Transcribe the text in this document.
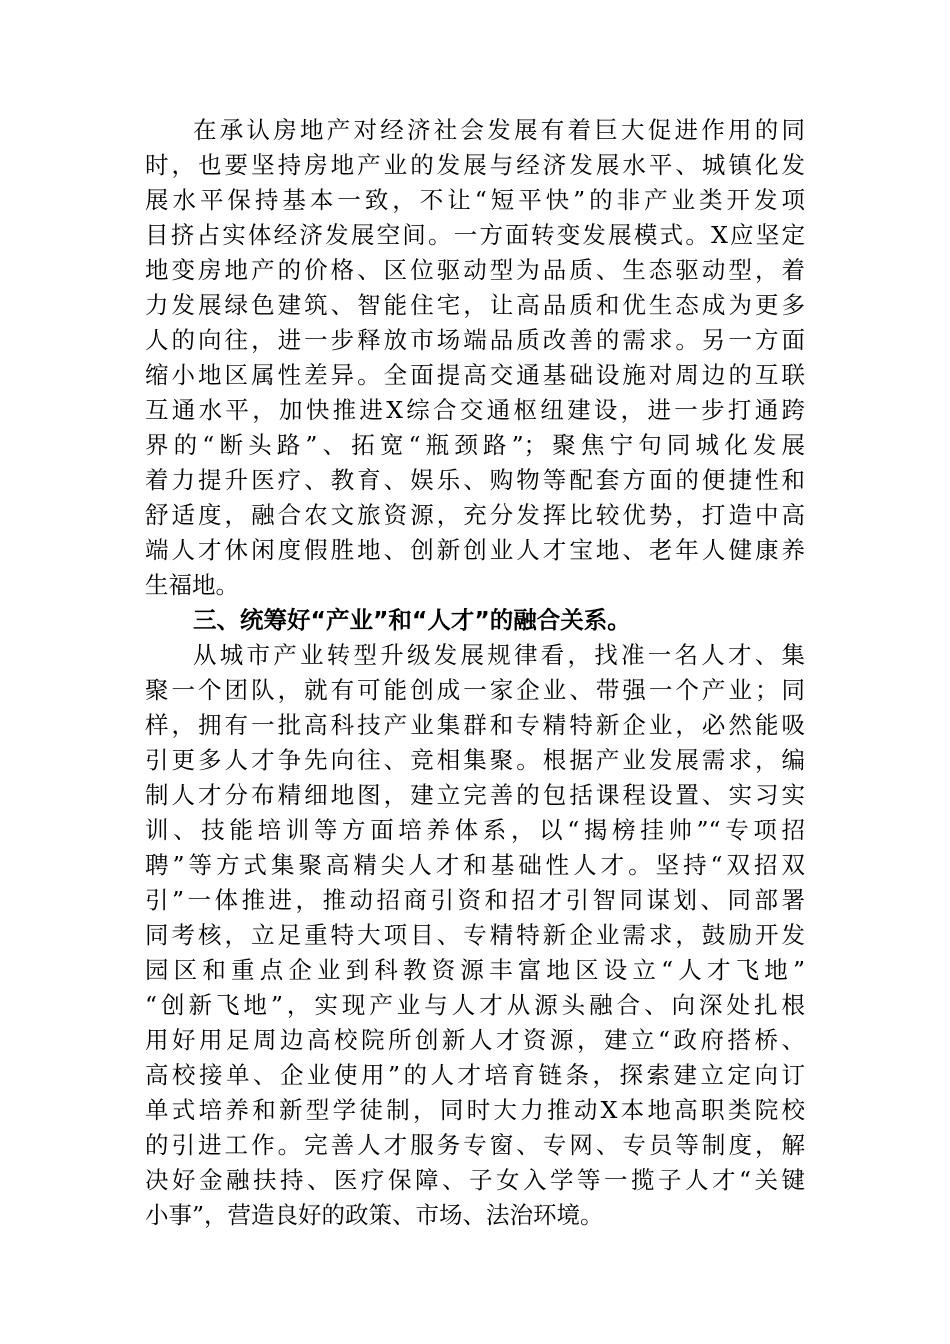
在承认房地产对经济社会发展有着巨大促进作用的同
时，也要坚持房地产业的发展与经济发展水平、城镇化发
展水平保持基本一致，不让“短平快”的非产业类开发项
目挤占实体经济发展空间。一方面转变发展模式。X应坚定
地变房地产的价格、区位驱动型为品质、生态驱动型，着
力发展绿色建筑、智能住宅，让高品质和优生态成为更多
人的向往，进一步释放市场端品质改善的需求。另一方面
缩小地区属性差异。全面提高交通基础设施对周边的互联
互通水平，加快推进X综合交通枢纽建设，进一步打通跨
界的“断头路”、拓宽“瓶颈路”；聚焦宁句同城化发展
着力提升医疗、教育、娱乐、购物等配套方面的便捷性和
舒适度，融合农文旅资源，充分发挥比较优势，打造中高
端人才休闲度假胜地、创新创业人才宝地、老年人健康养
生福地。
三、统筹好“产业”和“人才”的融合关系。
从城市产业转型升级发展规律看，找准一名人才、集
聚一个团队，就有可能创成一家企业、带强一个产业；同
样，拥有一批高科技产业集群和专精特新企业，必然能吸
引更多人才争先向往、竞相集聚。根据产业发展需求，编
制人才分布精细地图，建立完善的包括课程设置、实习实
训、技能培训等方面培养体系，以“揭榜挂帅”“专项招
聘”等方式集聚高精尖人才和基础性人才。坚持“双招双
引”一体推进，推动招商引资和招才引智同谋划、同部署
同考核，立足重特大项目、专精特新企业需求，鼓励开发
园区和重点企业到科教资源丰富地区设立“人才飞地”
“创新飞地”，实现产业与人才从源头融合、向深处扎根
用好用足周边高校院所创新人才资源，建立“政府搭桥、
高校接单、企业使用”的人才培育链条，探索建立定向订
单式培养和新型学徒制，同时大力推动X本地高职类院校
的引进工作。完善人才服务专窗、专网、专员等制度，解
决好金融扶持、医疗保障、子女入学等一揽子人才“关键
小事”，营造良好的政策、市场、法治环境。
